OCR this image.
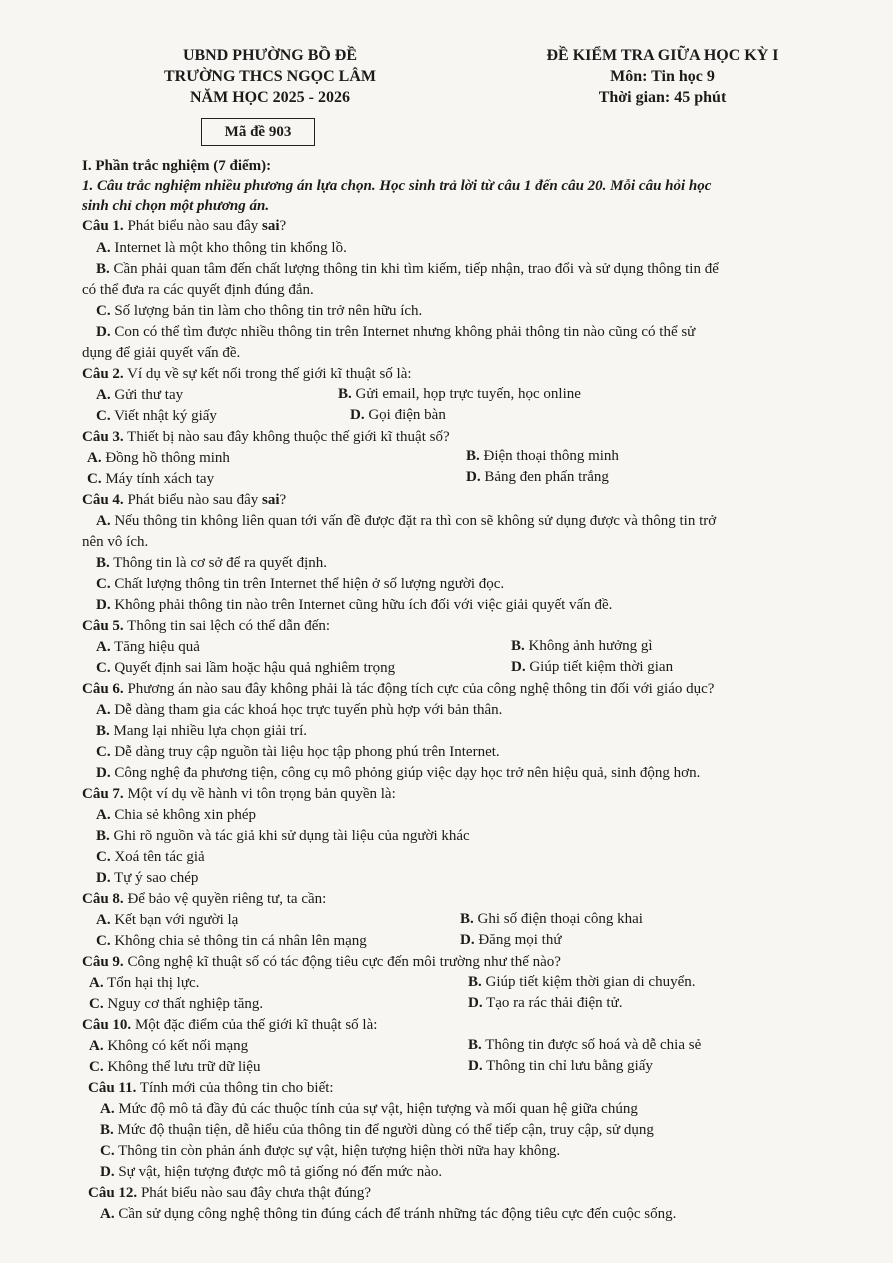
UBND PHƯỜNG BỒ ĐỀ
TRƯỜNG THCS NGỌC LÂM
NĂM HỌC 2025 - 2026
ĐỀ KIỂM TRA GIỮA HỌC KỲ I
Môn: Tin học 9
Thời gian: 45 phút
Mã đề 903
I. Phần trắc nghiệm (7 điểm):
1. Câu trắc nghiệm nhiều phương án lựa chọn. Học sinh trả lời từ câu 1 đến câu 20. Mỗi câu hỏi học
sinh chỉ chọn một phương án.
Câu 1. Phát biểu nào sau đây sai?
A. Internet là một kho thông tin khổng lồ.
B. Cần phải quan tâm đến chất lượng thông tin khi tìm kiếm, tiếp nhận, trao đổi và sử dụng thông tin để
có thể đưa ra các quyết định đúng đắn.
C. Số lượng bản tin làm cho thông tin trở nên hữu ích.
D. Con có thể tìm được nhiều thông tin trên Internet nhưng không phải thông tin nào cũng có thể sử
dụng để giải quyết vấn đề.
Câu 2. Ví dụ về sự kết nối trong thế giới kĩ thuật số là:
A. Gửi thư tay	B. Gửi email, họp trực tuyến, học online
C. Viết nhật ký giấy	D. Gọi điện bàn
Câu 3. Thiết bị nào sau đây không thuộc thế giới kĩ thuật số?
A. Đồng hồ thông minh	B. Điện thoại thông minh
C. Máy tính xách tay	D. Bảng đen phấn trắng
Câu 4. Phát biểu nào sau đây sai?
A. Nếu thông tin không liên quan tới vấn đề được đặt ra thì con sẽ không sử dụng được và thông tin trở
nên vô ích.
B. Thông tin là cơ sở để ra quyết định.
C. Chất lượng thông tin trên Internet thể hiện ở số lượng người đọc.
D. Không phải thông tin nào trên Internet cũng hữu ích đối với việc giải quyết vấn đề.
Câu 5. Thông tin sai lệch có thể dẫn đến:
A. Tăng hiệu quả	B. Không ảnh hưởng gì
C. Quyết định sai lầm hoặc hậu quả nghiêm trọng	D. Giúp tiết kiệm thời gian
Câu 6. Phương án nào sau đây không phải là tác động tích cực của công nghệ thông tin đối với giáo dục?
A. Dễ dàng tham gia các khoá học trực tuyến phù hợp với bản thân.
B. Mang lại nhiều lựa chọn giải trí.
C. Dễ dàng truy cập nguồn tài liệu học tập phong phú trên Internet.
D. Công nghệ đa phương tiện, công cụ mô phỏng giúp việc dạy học trở nên hiệu quả, sinh động hơn.
Câu 7. Một ví dụ về hành vi tôn trọng bản quyền là:
A. Chia sẻ không xin phép
B. Ghi rõ nguồn và tác giả khi sử dụng tài liệu của người khác
C. Xoá tên tác giả
D. Tự ý sao chép
Câu 8. Để bảo vệ quyền riêng tư, ta cần:
A. Kết bạn với người lạ	B. Ghi số điện thoại công khai
C. Không chia sẻ thông tin cá nhân lên mạng	D. Đăng mọi thứ
Câu 9. Công nghệ kĩ thuật số có tác động tiêu cực đến môi trường như thế nào?
A. Tổn hại thị lực.	B. Giúp tiết kiệm thời gian di chuyển.
C. Nguy cơ thất nghiệp tăng.	D. Tạo ra rác thải điện tử.
Câu 10. Một đặc điểm của thế giới kĩ thuật số là:
A. Không có kết nối mạng	B. Thông tin được số hoá và dễ chia sẻ
C. Không thể lưu trữ dữ liệu	D. Thông tin chỉ lưu bằng giấy
Câu 11. Tính mới của thông tin cho biết:
A. Mức độ mô tả đầy đủ các thuộc tính của sự vật, hiện tượng và mối quan hệ giữa chúng
B. Mức độ thuận tiện, dễ hiểu của thông tin để người dùng có thể tiếp cận, truy cập, sử dụng
C. Thông tin còn phản ánh được sự vật, hiện tượng hiện thời nữa hay không.
D. Sự vật, hiện tượng được mô tả giống nó đến mức nào.
Câu 12. Phát biểu nào sau đây chưa thật đúng?
A. Cần sử dụng công nghệ thông tin đúng cách để tránh những tác động tiêu cực đến cuộc sống.
